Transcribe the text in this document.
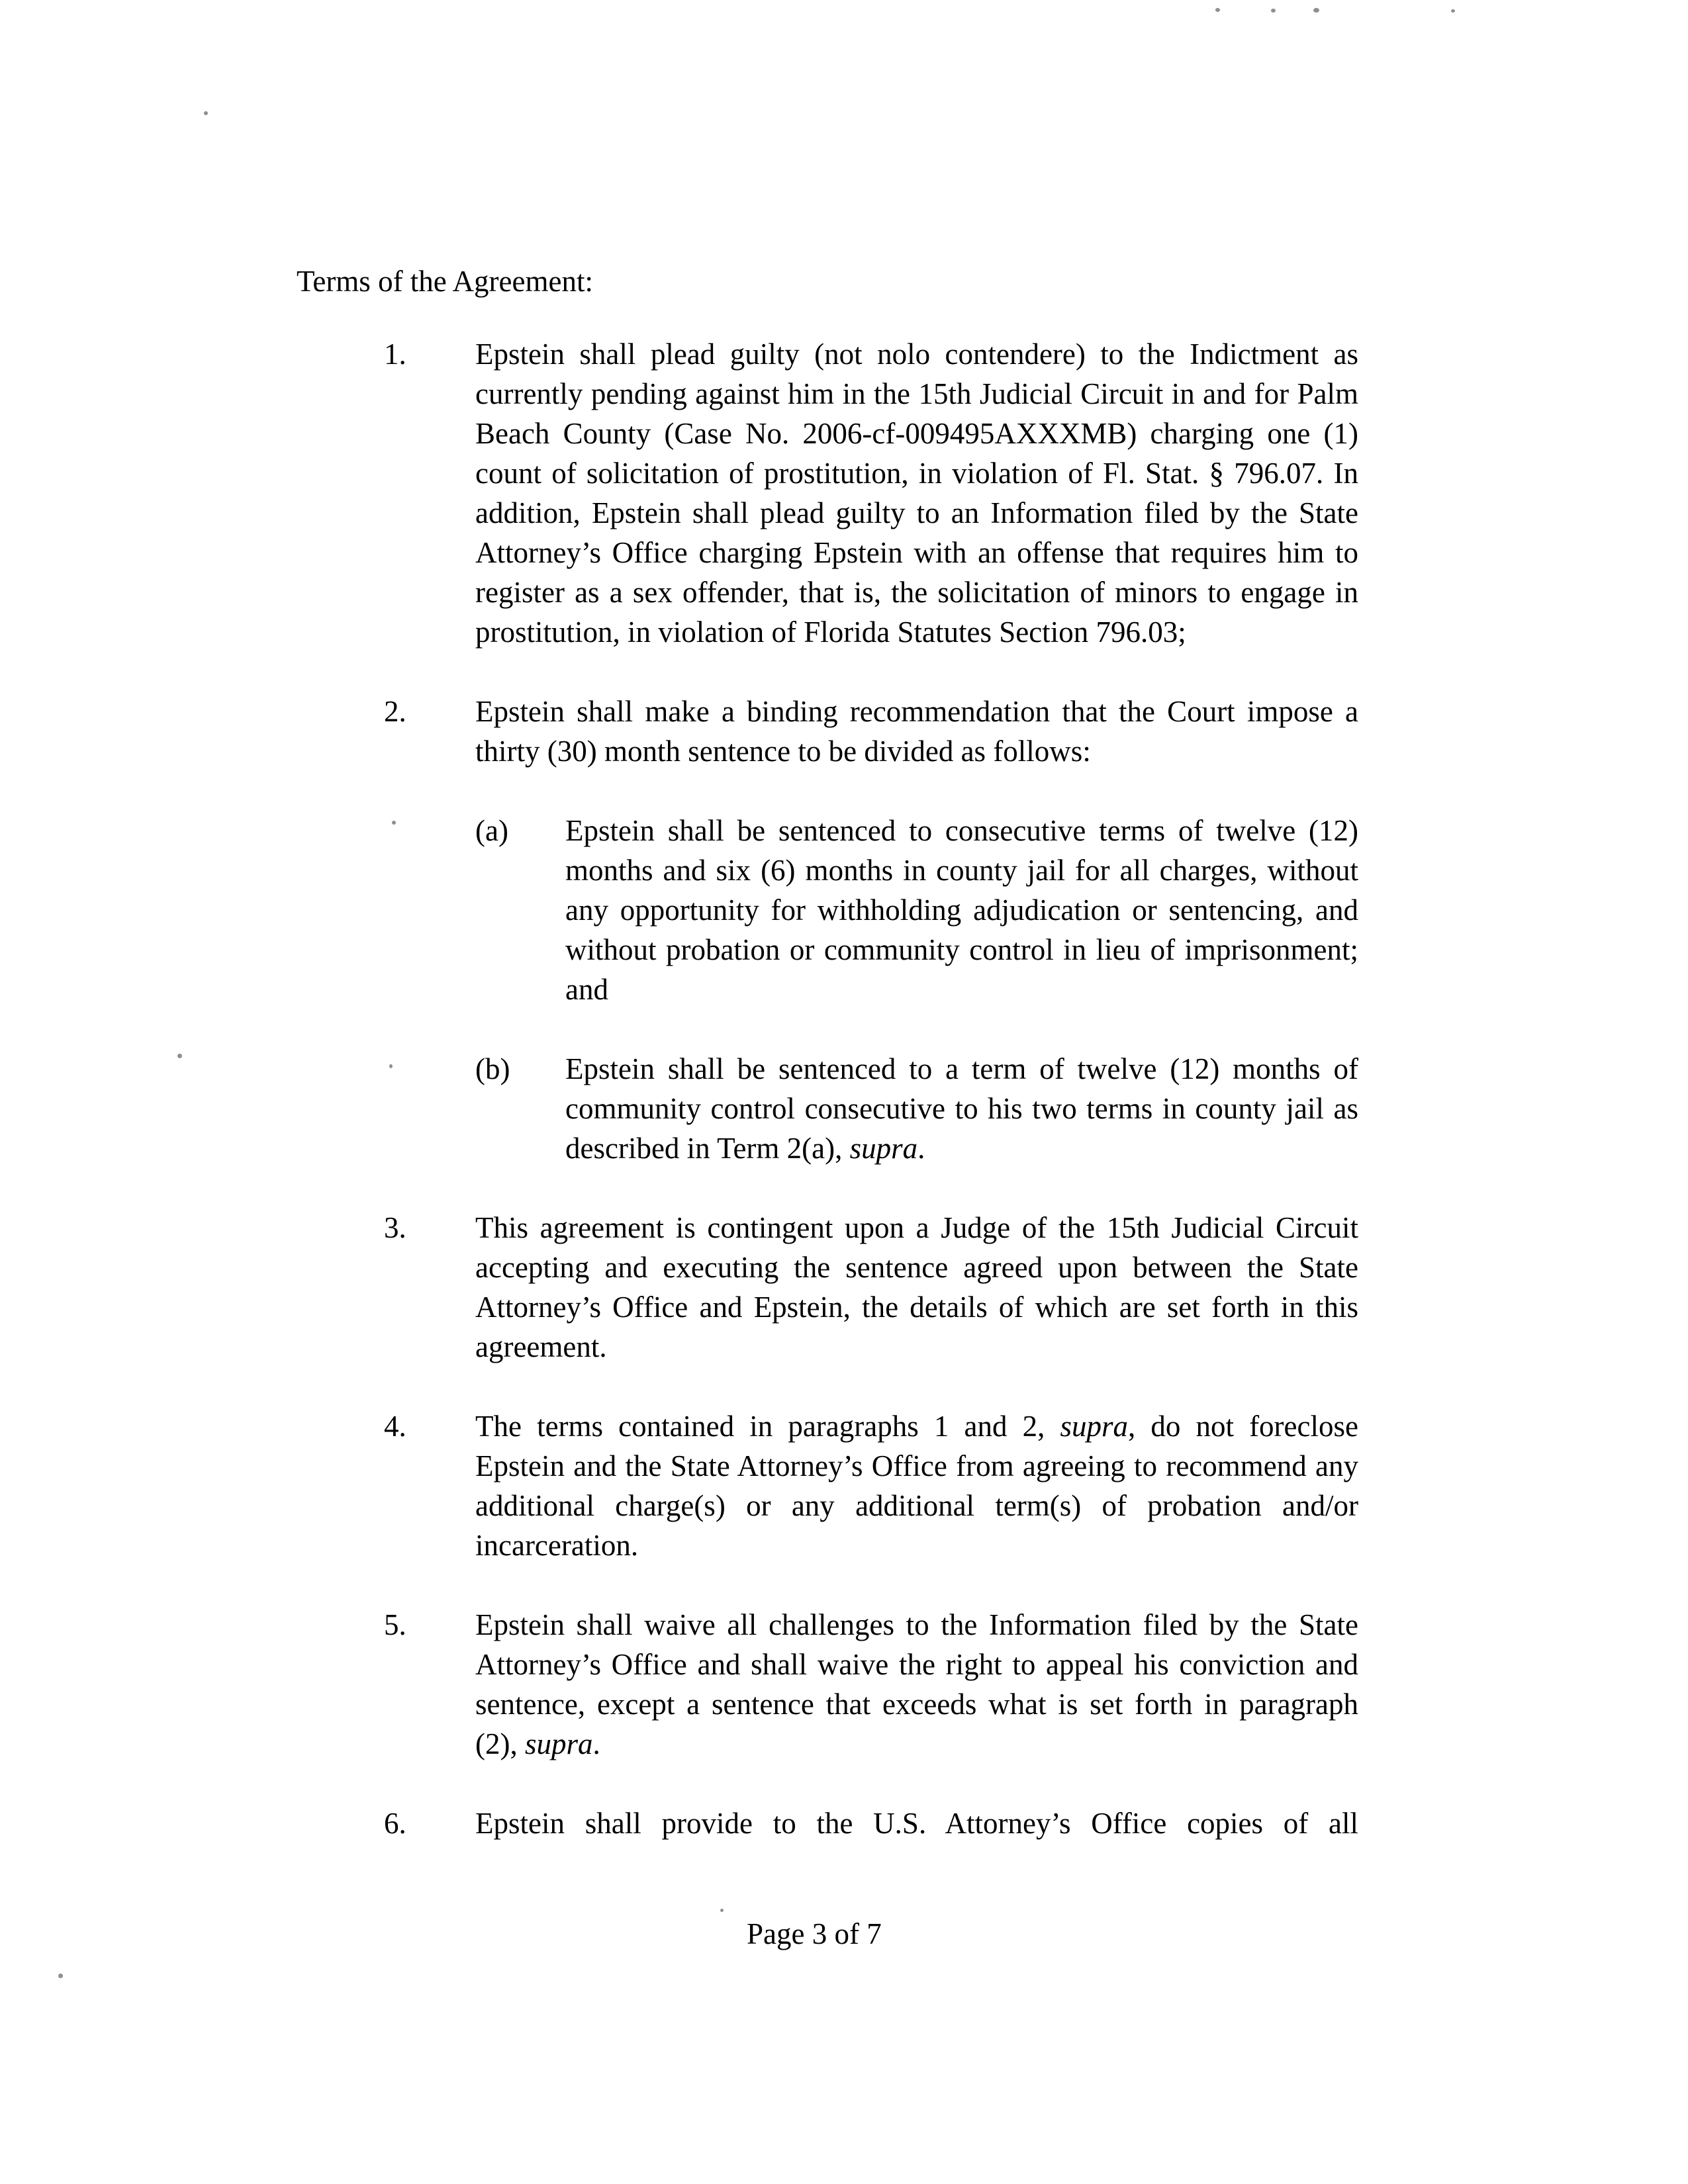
Terms of the Agreement:
1.	Epstein shall plead guilty (not nolo contendere) to the Indictment as currently pending against him in the 15th Judicial Circuit in and for Palm Beach County (Case No. 2006-cf-009495AXXXMB) charging one (1) count of solicitation of prostitution, in violation of Fl. Stat. § 796.07. In addition, Epstein shall plead guilty to an Information filed by the State Attorney’s Office charging Epstein with an offense that requires him to register as a sex offender, that is, the solicitation of minors to engage in prostitution, in violation of Florida Statutes Section 796.03;
2.	Epstein shall make a binding recommendation that the Court impose a thirty (30) month sentence to be divided as follows:
(a)	Epstein shall be sentenced to consecutive terms of twelve (12) months and six (6) months in county jail for all charges, without any opportunity for withholding adjudication or sentencing, and without probation or community control in lieu of imprisonment; and
(b)	Epstein shall be sentenced to a term of twelve (12) months of community control consecutive to his two terms in county jail as described in Term 2(a), supra.
3.	This agreement is contingent upon a Judge of the 15th Judicial Circuit accepting and executing the sentence agreed upon between the State Attorney’s Office and Epstein, the details of which are set forth in this agreement.
4.	The terms contained in paragraphs 1 and 2, supra, do not foreclose Epstein and the State Attorney’s Office from agreeing to recommend any additional charge(s) or any additional term(s) of probation and/or incarceration.
5.	Epstein shall waive all challenges to the Information filed by the State Attorney’s Office and shall waive the right to appeal his conviction and sentence, except a sentence that exceeds what is set forth in paragraph (2), supra.
6.	Epstein shall provide to the U.S. Attorney’s Office copies of all
Page 3 of 7
